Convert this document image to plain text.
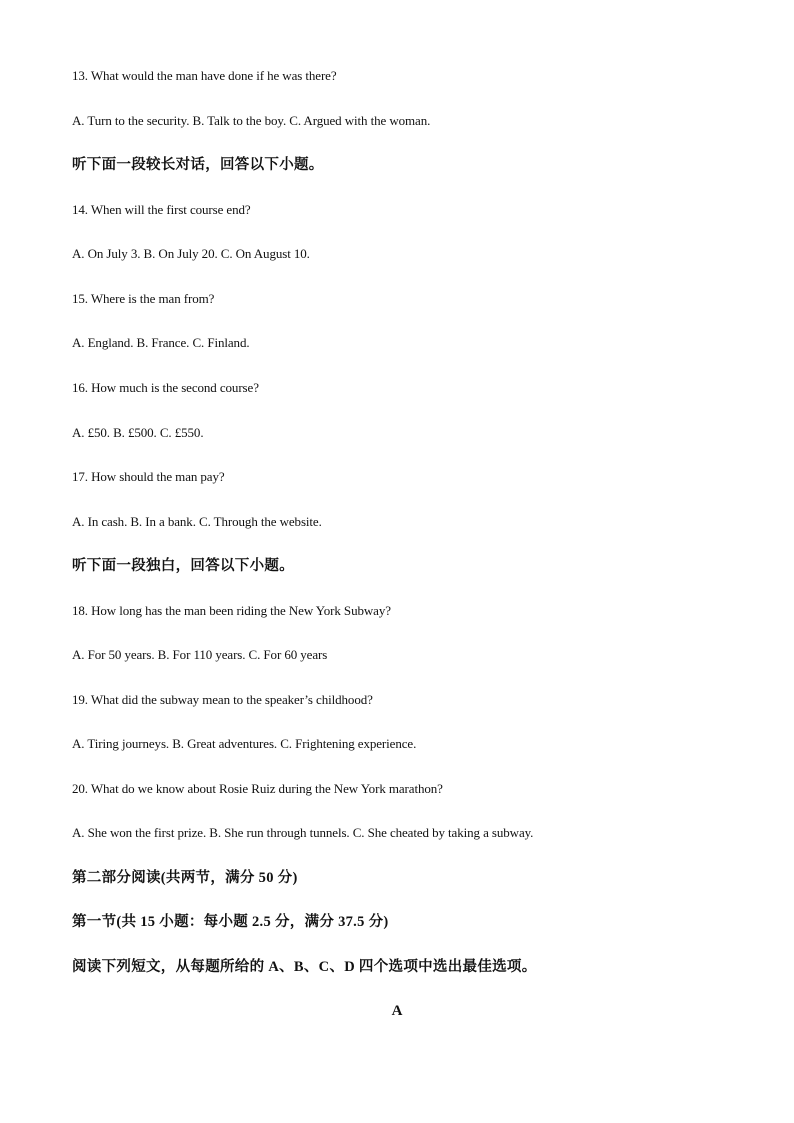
13. What would the man have done if he was there?
A. Turn to the security. B. Talk to the boy. C. Argued with the woman.
听下面一段较长对话，回答以下小题。
14. When will the first course end?
A. On July 3. B. On July 20. C. On August 10.
15. Where is the man from?
A. England. B. France. C. Finland.
16. How much is the second course?
A. £50. B. £500. C. £550.
17. How should the man pay?
A. In cash. B. In a bank. C. Through the website.
听下面一段独白，回答以下小题。
18. How long has the man been riding the New York Subway?
A. For 50 years. B. For 110 years. C. For 60 years
19. What did the subway mean to the speaker’s childhood?
A. Tiring journeys. B. Great adventures. C. Frightening experience.
20. What do we know about Rosie Ruiz during the New York marathon?
A. She won the first prize. B. She run through tunnels. C. She cheated by taking a subway.
第二部分阅读(共两节，满分 50 分)
第一节(共 15 小题：每小题 2.5 分，满分 37.5 分)
阅读下列短文，从每题所给的 A、B、C、D 四个选项中选出最佳选项。
A
